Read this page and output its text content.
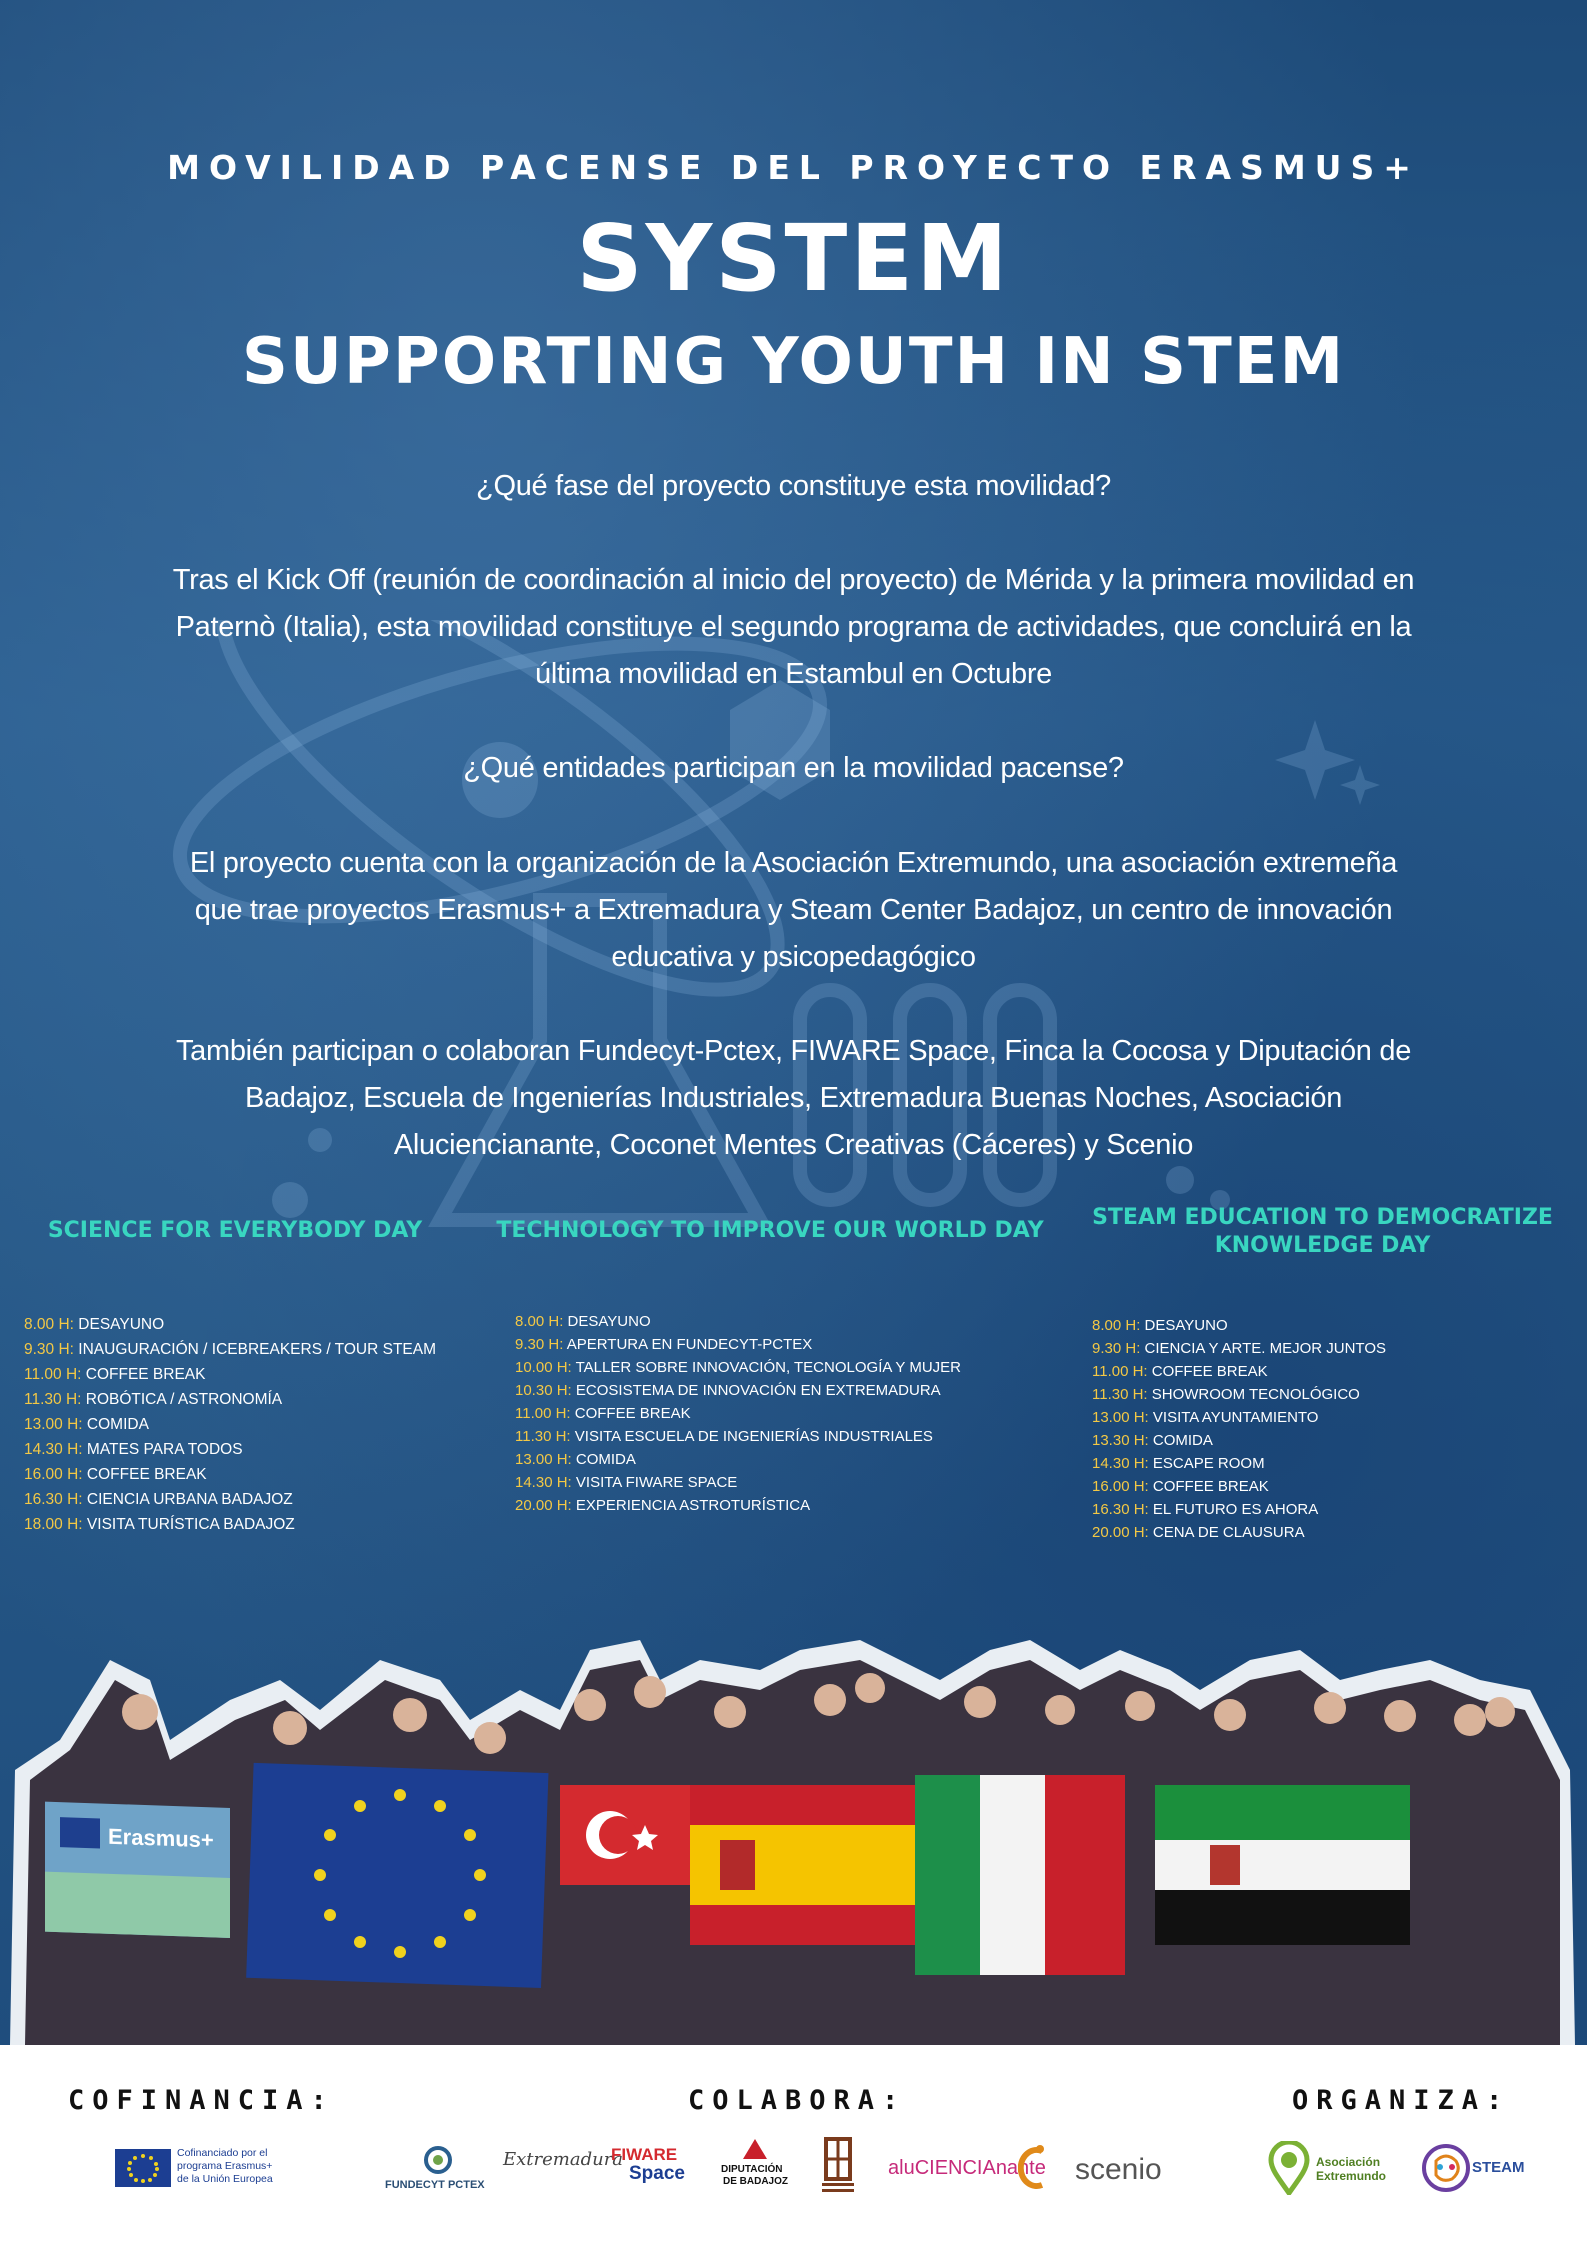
MOVILIDAD PACENSE DEL PROYECTO ERASMUS+
SYSTEM
SUPPORTING YOUTH IN STEM
¿Qué fase del proyecto constituye esta movilidad?
Tras el Kick Off (reunión de coordinación al inicio del proyecto) de Mérida y la primera movilidad en Paternò (Italia), esta movilidad constituye el segundo programa de actividades, que concluirá en la última movilidad en Estambul en Octubre
¿Qué entidades participan en la movilidad pacense?
El proyecto cuenta con la organización de la Asociación Extremundo, una asociación extremeña que trae proyectos Erasmus+ a Extremadura y Steam Center Badajoz, un centro de innovación educativa y psicopedagógico
También participan o colaboran Fundecyt-Pctex, FIWARE Space, Finca la Cocosa y Diputación de Badajoz, Escuela de Ingenierías Industriales, Extremadura Buenas Noches, Asociación Aluciencianante, Coconet Mentes Creativas (Cáceres) y Scenio
SCIENCE FOR EVERYBODY DAY	TECHNOLOGY TO IMPROVE OUR WORLD DAY
STEAM EDUCATION TO DEMOCRATIZE
KNOWLEDGE DAY
8.00 H: DESAYUNO
9.30 H: INAUGURACIÓN / ICEBREAKERS / TOUR STEAM
11.00 H: COFFEE BREAK
11.30 H: ROBÓTICA / ASTRONOMÍA
13.00 H: COMIDA
14.30 H: MATES PARA TODOS
16.00 H: COFFEE BREAK
16.30 H: CIENCIA URBANA BADAJOZ
18.00 H: VISITA TURÍSTICA BADAJOZ
8.00 H: DESAYUNO
9.30 H: APERTURA EN FUNDECYT-PCTEX
10.00 H: TALLER SOBRE INNOVACIÓN, TECNOLOGÍA Y MUJER
10.30 H: ECOSISTEMA DE INNOVACIÓN EN EXTREMADURA
11.00 H: COFFEE BREAK
11.30 H: VISITA ESCUELA DE INGENIERÍAS INDUSTRIALES
13.00 H: COMIDA
14.30 H: VISITA FIWARE SPACE
20.00 H: EXPERIENCIA ASTROTURÍSTICA
8.00 H: DESAYUNO
9.30 H: CIENCIA Y ARTE. MEJOR JUNTOS
11.00 H: COFFEE BREAK
11.30 H: SHOWROOM TECNOLÓGICO
13.00 H: VISITA AYUNTAMIENTO
13.30 H: COMIDA
14.30 H: ESCAPE ROOM
16.00 H: COFFEE BREAK
16.30 H: EL FUTURO ES AHORA
20.00 H: CENA DE CLAUSURA
Erasmus+
COFINANCIA:	COLABORA:	ORGANIZA:
Cofinanciado por el
programa Erasmus+
de la Unión Europea	FUNDECYT PCTEX
Extremadura
FIWARE
Space	DIPUTACIÓN
DE BADAJOZ
aluCIENCIAnante scenio	Asociación
Extremundo	STEAM
